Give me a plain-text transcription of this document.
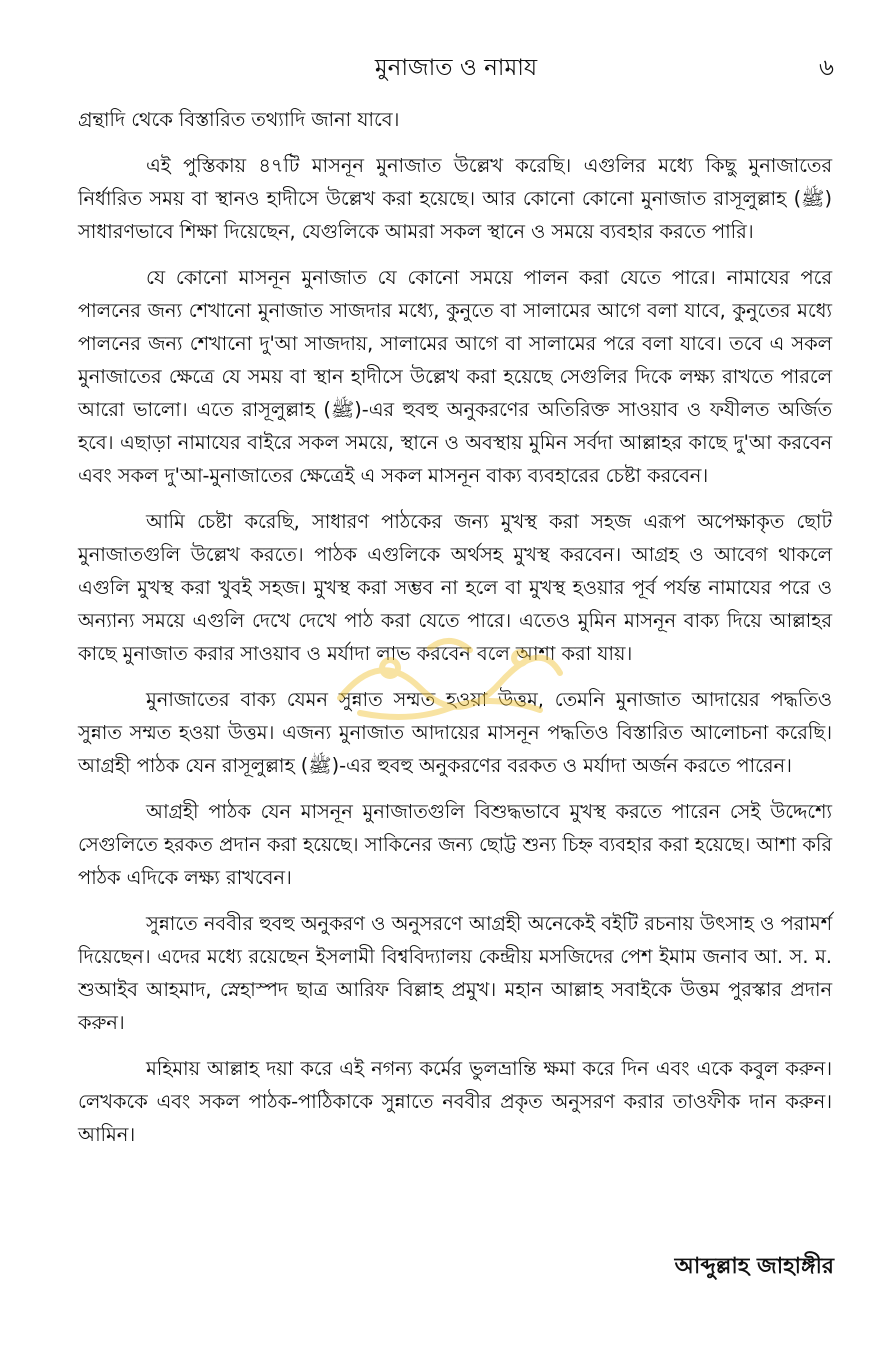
মুনাজাত ও নামায	৬

গ্রন্থাদি থেকে বিস্তারিত তথ্যাদি জানা যাবে।

এই পুস্তিকায় ৪৭টি মাসনূন মুনাজাত উল্লেখ করেছি। এগুলির মধ্যে কিছু মুনাজাতের নির্ধারিত সময় বা স্থানও হাদীসে উল্লেখ করা হয়েছে। আর কোনো কোনো মুনাজাত রাসূলুল্লাহ (ﷺ) সাধারণভাবে শিক্ষা দিয়েছেন, যেগুলিকে আমরা সকল স্থানে ও সময়ে ব্যবহার করতে পারি।

যে কোনো মাসনূন মুনাজাত যে কোনো সময়ে পালন করা যেতে পারে। নামাযের পরে পালনের জন্য শেখানো মুনাজাত সাজদার মধ্যে, কুনুতে বা সালামের আগে বলা যাবে, কুনুতের মধ্যে পালনের জন্য শেখানো দু'আ সাজদায়, সালামের আগে বা সালামের পরে বলা যাবে। তবে এ সকল মুনাজাতের ক্ষেত্রে যে সময় বা স্থান হাদীসে উল্লেখ করা হয়েছে সেগুলির দিকে লক্ষ্য রাখতে পারলে আরো ভালো। এতে রাসূলুল্লাহ (ﷺ)-এর হুবহু অনুকরণের অতিরিক্ত সাওয়াব ও ফযীলত অর্জিত হবে। এছাড়া নামাযের বাইরে সকল সময়ে, স্থানে ও অবস্থায় মুমিন সর্বদা আল্লাহর কাছে দু'আ করবেন এবং সকল দু'আ-মুনাজাতের ক্ষেত্রেই এ সকল মাসনূন বাক্য ব্যবহারের চেষ্টা করবেন।

আমি চেষ্টা করেছি, সাধারণ পাঠকের জন্য মুখস্থ করা সহজ এরূপ অপেক্ষাকৃত ছোট মুনাজাতগুলি উল্লেখ করতে। পাঠক এগুলিকে অর্থসহ মুখস্থ করবেন। আগ্রহ ও আবেগ থাকলে এগুলি মুখস্থ করা খুবই সহজ। মুখস্থ করা সম্ভব না হলে বা মুখস্থ হওয়ার পূর্ব পর্যন্ত নামাযের পরে ও অন্যান্য সময়ে এগুলি দেখে দেখে পাঠ করা যেতে পারে। এতেও মুমিন মাসনূন বাক্য দিয়ে আল্লাহর কাছে মুনাজাত করার সাওয়াব ও মর্যাদা লাভ করবেন বলে আশা করা যায়।

মুনাজাতের বাক্য যেমন সুন্নাত সম্মত হওয়া উত্তম, তেমনি মুনাজাত আদায়ের পদ্ধতিও সুন্নাত সম্মত হওয়া উত্তম। এজন্য মুনাজাত আদায়ের মাসনূন পদ্ধতিও বিস্তারিত আলোচনা করেছি। আগ্রহী পাঠক যেন রাসূলুল্লাহ (ﷺ)-এর হুবহু অনুকরণের বরকত ও মর্যাদা অর্জন করতে পারেন।

আগ্রহী পাঠক যেন মাসনূন মুনাজাতগুলি বিশুদ্ধভাবে মুখস্থ করতে পারেন সেই উদ্দেশ্যে সেগুলিতে হরকত প্রদান করা হয়েছে। সাকিনের জন্য ছোট্ট শুন্য চিহ্ন ব্যবহার করা হয়েছে। আশা করি পাঠক এদিকে লক্ষ্য রাখবেন।

সুন্নাতে নববীর হুবহু অনুকরণ ও অনুসরণে আগ্রহী অনেকেই বইটি রচনায় উৎসাহ ও পরামর্শ দিয়েছেন। এদের মধ্যে রয়েছেন ইসলামী বিশ্ববিদ্যালয় কেন্দ্রীয় মসজিদের পেশ ইমাম জনাব আ. স. ম. শুআইব আহমাদ, স্নেহাস্পদ ছাত্র আরিফ বিল্লাহ প্রমুখ। মহান আল্লাহ সবাইকে উত্তম পুরস্কার প্রদান করুন।

মহিমায় আল্লাহ দয়া করে এই নগন্য কর্মের ভুলভ্রান্তি ক্ষমা করে দিন এবং একে কবুল করুন। লেখককে এবং সকল পাঠক-পাঠিকাকে সুন্নাতে নববীর প্রকৃত অনুসরণ করার তাওফীক দান করুন। আমিন।

আব্দুল্লাহ জাহাঙ্গীর
